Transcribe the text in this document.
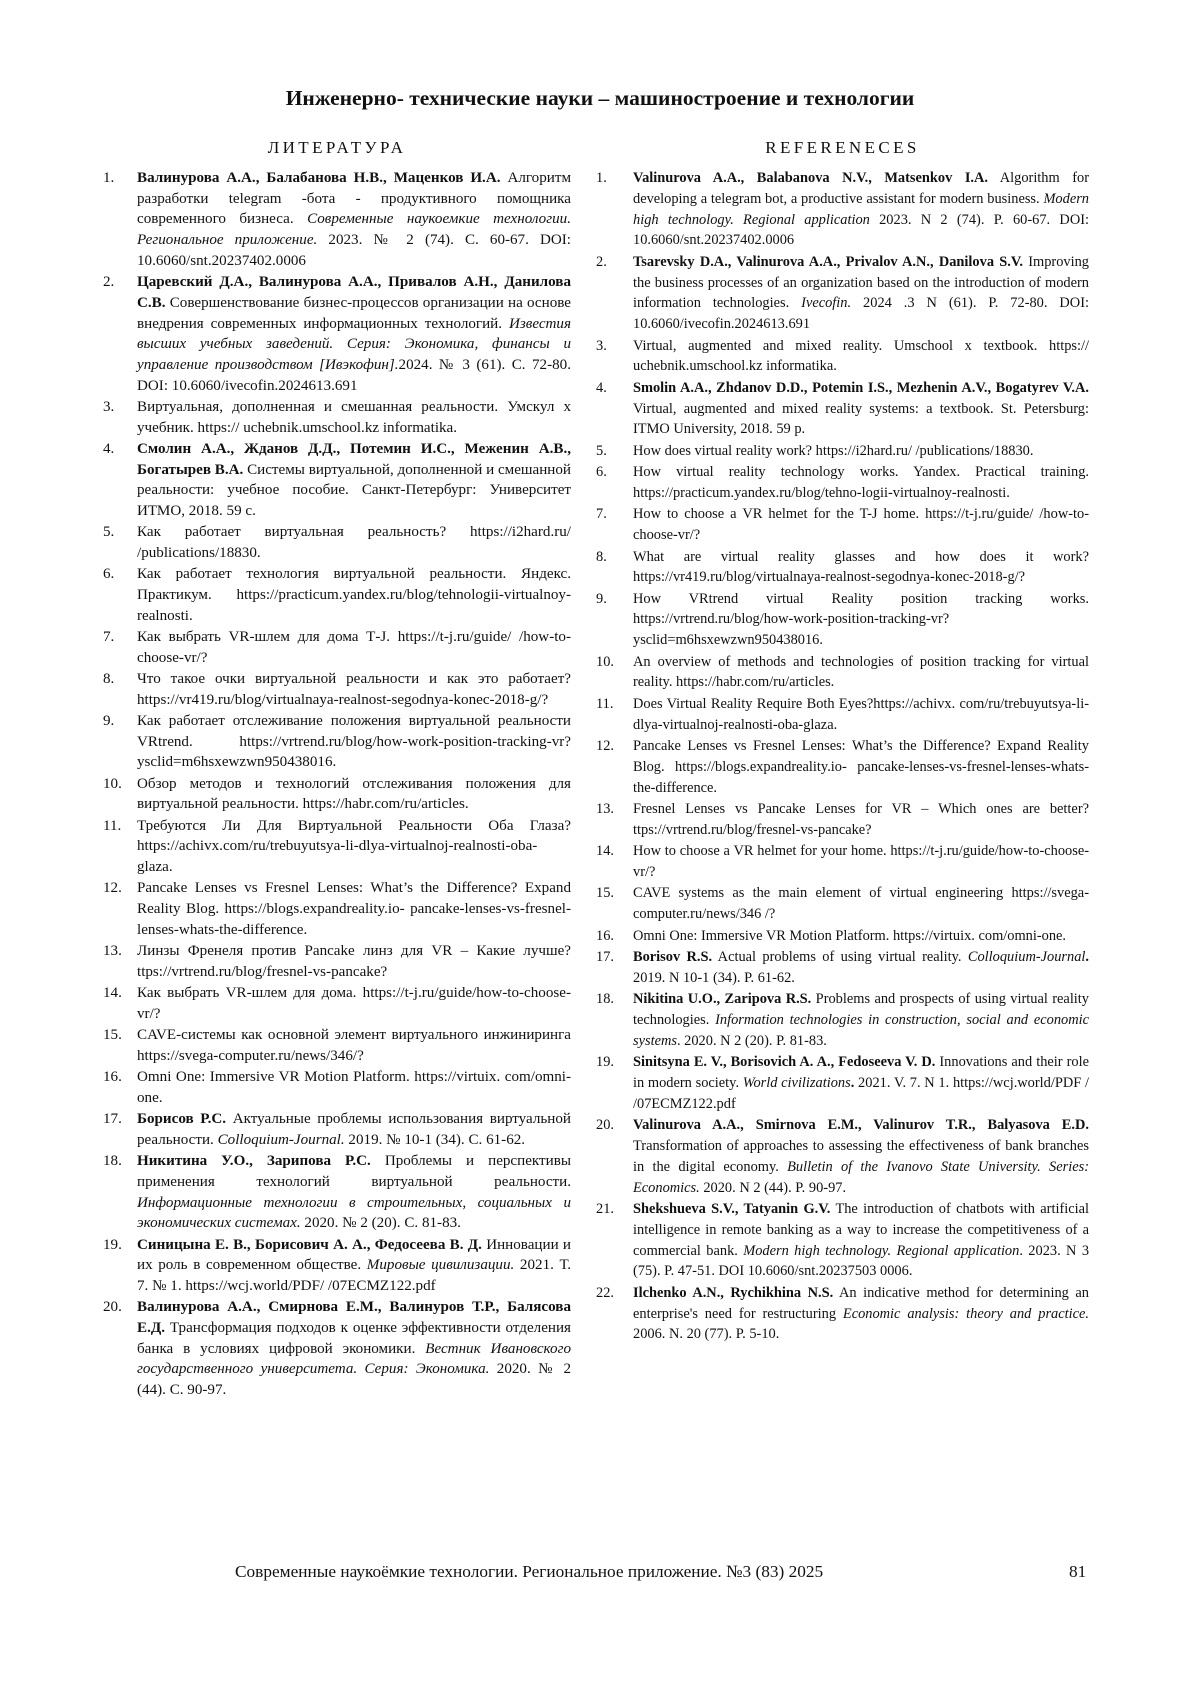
Инженерно- технические науки – машиностроение и технологии
ЛИТЕРАТУРА
1.	Валинурова А.А., Балабанова Н.В., Маценков И.А. Алгоритм разработки telegram -бота - продуктивного помощника современного бизнеса. Современные наукоемкие технологии. Региональное приложение. 2023. № 2 (74). С. 60-67. DOI: 10.6060/snt.20237402.0006
2.	Царевский Д.А., Валинурова А.А., Привалов А.Н., Данилова С.В. Совершенствование бизнес-процессов организации на основе внедрения современных информационных технологий. Известия высших учебных заведений. Серия: Экономика, финансы и управление производством [Ивэкофин].2024. № 3 (61). С. 72-80. DOI: 10.6060/ivecofin.2024613.691
3.	Виртуальная, дополненная и смешанная реальности. Умскул х учебник. https:// uchebnik.umschool.kz informatika.
4.	Смолин А.А., Жданов Д.Д., Потемин И.С., Меженин А.В., Богатырев В.А. Системы виртуальной, дополненной и смешанной реальности: учебное пособие. Санкт-Петербург: Университет ИТМО, 2018. 59 с.
5.	Как работает виртуальная реальность? https://i2hard.ru/ /publications/18830.
6.	Как работает технология виртуальной реальности. Яндекс. Практикум. https://practicum.yandex.ru/blog/tehnologii-virtualnoy-realnosti.
7.	Как выбрать VR-шлем для дома Т-J. https://t-j.ru/guide/ /how-to-choose-vr/?
8.	Что такое очки виртуальной реальности и как это работает? https://vr419.ru/blog/virtualnaya-realnost-segodnya-konec-2018-g/?
9.	Как работает отслеживание положения виртуальной реальности VRtrend. https://vrtrend.ru/blog/how-work-position-tracking-vr?ysclid=m6hsxewzwn950438016.
10.	Обзор методов и технологий отслеживания положения для виртуальной реальности. https://habr.com/ru/articles.
11.	Требуются Ли Для Виртуальной Реальности Оба Глаза?https://achivx.com/ru/trebuyutsya-li-dlya-virtualnoj-realnosti-oba-glaza.
12.	Pancake Lenses vs Fresnel Lenses: What’s the Difference? Expand Reality Blog. https://blogs.expandreality.io- pancake-lenses-vs-fresnel-lenses-whats-the-difference.
13.	Линзы Френеля против Pancake линз для VR – Какие лучше? ttps://vrtrend.ru/blog/fresnel-vs-pancake?
14.	Как выбрать VR-шлем для дома. https://t-j.ru/guide/how-to-choose-vr/?
15.	CAVE-системы как основной элемент виртуального инжиниринга https://svega-computer.ru/news/346/?
16.	Omni One: Immersive VR Motion Platform. https://virtuix. com/omni-one.
17.	Борисов Р.С. Актуальные проблемы использования виртуальной реальности. Colloquium-Journal. 2019. № 10-1 (34). С. 61-62.
18.	Никитина У.О., Зарипова Р.С. Проблемы и перспективы применения технологий виртуальной реальности. Информационные технологии в строительных, социальных и экономических системах. 2020. № 2 (20). С. 81-83.
19.	Синицына Е. В., Борисович А. А., Федосеева В. Д. Инновации и их роль в современном обществе. Мировые цивилизации. 2021. Т. 7. № 1. https://wcj.world/PDF/ /07ECMZ122.pdf
20.	Валинурова А.А., Смирнова Е.М., Валинуров Т.Р., Балясова Е.Д. Трансформация подходов к оценке эффективности отделения банка в условиях цифровой экономики. Вестник Ивановского государственного университета. Серия: Экономика. 2020. № 2 (44). С. 90-97.
REFERENECES
1.	Valinurova A.A., Balabanova N.V., Matsenkov I.A. Algorithm for developing a telegram bot, a productive assistant for modern business. Modern high technology. Regional application 2023. N 2 (74). P. 60-67. DOI: 10.6060/snt.20237402.0006
2.	Tsarevsky D.A., Valinurova A.A., Privalov A.N., Danilova S.V. Improving the business processes of an organization based on the introduction of modern information technologies. Ivecofin. 2024 .3 N (61). P. 72-80. DOI: 10.6060/ivecofin.2024613.691
3.	Virtual, augmented and mixed reality. Umschool x textbook. https:// uchebnik.umschool.kz informatika.
4.	Smolin A.A., Zhdanov D.D., Potemin I.S., Mezhenin A.V., Bogatyrev V.A. Virtual, augmented and mixed reality systems: a textbook. St. Petersburg: ITMO University, 2018. 59 p.
5.	How does virtual reality work? https://i2hard.ru/ /publications/18830.
6.	How virtual reality technology works. Yandex. Practical training. https://practicum.yandex.ru/blog/tehno-logii-virtualnoy-realnosti.
7.	How to choose a VR helmet for the T-J home. https://t-j.ru/guide/ /how-to-choose-vr/?
8.	What are virtual reality glasses and how does it work? https://vr419.ru/blog/virtualnaya-realnost-segodnya-konec-2018-g/?
9.	How VRtrend virtual Reality position tracking works. https://vrtrend.ru/blog/how-work-position-tracking-vr?ysclid=m6hsxewzwn950438016.
10.	An overview of methods and technologies of position tracking for virtual reality. https://habr.com/ru/articles.
11.	Does Virtual Reality Require Both Eyes?https://achivx. com/ru/trebuyutsya-li-dlya-virtualnoj-realnosti-oba-glaza.
12.	Pancake Lenses vs Fresnel Lenses: What’s the Difference? Expand Reality Blog. https://blogs.expandreality.io- pancake-lenses-vs-fresnel-lenses-whats-the-difference.
13.	Fresnel Lenses vs Pancake Lenses for VR – Which ones are better? ttps://vrtrend.ru/blog/fresnel-vs-pancake?
14.	How to choose a VR helmet for your home. https://t-j.ru/guide/how-to-choose-vr/?
15.	CAVE systems as the main element of virtual engineering https://svega-computer.ru/news/346 /?
16.	Omni One: Immersive VR Motion Platform. https://virtuix. com/omni-one.
17.	Borisov R.S. Actual problems of using virtual reality. Colloquium-Journal. 2019. N 10-1 (34). P. 61-62.
18.	Nikitina U.O., Zaripova R.S. Problems and prospects of using virtual reality technologies. Information technologies in construction, social and economic systems. 2020. N 2 (20). P. 81-83.
19.	Sinitsyna E. V., Borisovich A. A., Fedoseeva V. D. Innovations and their role in modern society. World civilizations. 2021. V. 7. N 1. https://wcj.world/PDF / /07ECMZ122.pdf
20.	Valinurova A.A., Smirnova E.M., Valinurov T.R., Balyasova E.D. Transformation of approaches to assessing the effectiveness of bank branches in the digital economy. Bulletin of the Ivanovo State University. Series: Economics. 2020. N 2 (44). P. 90-97.
21.	Shekshueva S.V., Tatyanin G.V. The introduction of chatbots with artificial intelligence in remote banking as a way to increase the competitiveness of a commercial bank. Modern high technology. Regional application. 2023. N 3 (75). P. 47-51. DOI 10.6060/snt.20237503 0006.
22.	Ilchenko A.N., Rychikhina N.S. An indicative method for determining an enterprise's need for restructuring Economic analysis: theory and practice. 2006. N. 20 (77). P. 5-10.
Современные наукоёмкие технологии. Региональное приложение. №3 (83) 2025	81
